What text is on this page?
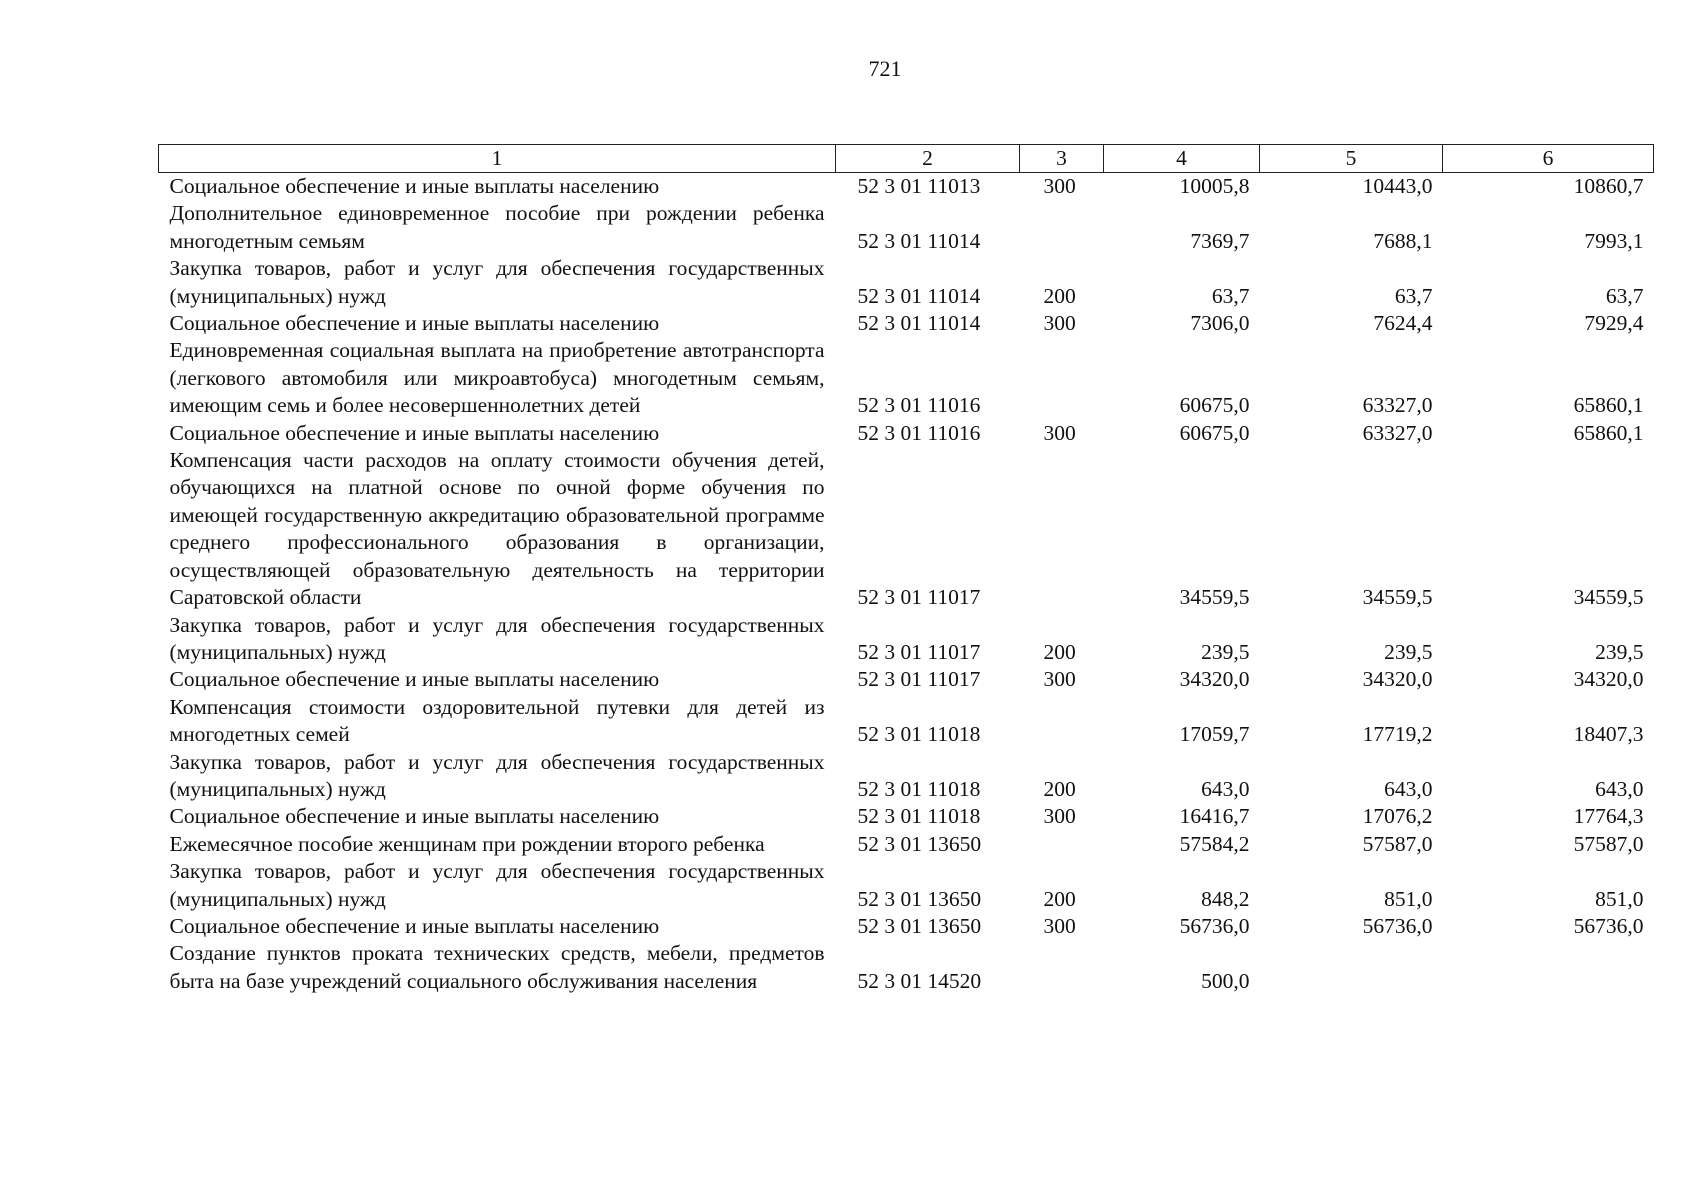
721
1	2	3	4	5	6
Социальное обеспечение и иные выплаты населению	52 3 01 11013	300	10005,8	10443,0	10860,7
Дополнительное единовременное пособие при рождении ребенка многодетным семьям	52 3 01 11014		7369,7	7688,1	7993,1
Закупка товаров, работ и услуг для обеспечения государственных (муниципальных) нужд	52 3 01 11014	200	63,7	63,7	63,7
Социальное обеспечение и иные выплаты населению	52 3 01 11014	300	7306,0	7624,4	7929,4
Единовременная социальная выплата на приобретение автотранспорта (легкового автомобиля или микроавтобуса) многодетным семьям, имеющим семь и более несовершеннолетних детей	52 3 01 11016		60675,0	63327,0	65860,1
Социальное обеспечение и иные выплаты населению	52 3 01 11016	300	60675,0	63327,0	65860,1
Компенсация части расходов на оплату стоимости обучения детей, обучающихся на платной основе по очной форме обучения по имеющей государственную аккредитацию образовательной программе среднего профессионального образования в организации, осуществляющей образовательную деятельность на территории Саратовской области	52 3 01 11017		34559,5	34559,5	34559,5
Закупка товаров, работ и услуг для обеспечения государственных (муниципальных) нужд	52 3 01 11017	200	239,5	239,5	239,5
Социальное обеспечение и иные выплаты населению	52 3 01 11017	300	34320,0	34320,0	34320,0
Компенсация стоимости оздоровительной путевки для детей из многодетных семей	52 3 01 11018		17059,7	17719,2	18407,3
Закупка товаров, работ и услуг для обеспечения государственных (муниципальных) нужд	52 3 01 11018	200	643,0	643,0	643,0
Социальное обеспечение и иные выплаты населению	52 3 01 11018	300	16416,7	17076,2	17764,3
Ежемесячное пособие женщинам при рождении второго ребенка	52 3 01 13650		57584,2	57587,0	57587,0
Закупка товаров, работ и услуг для обеспечения государственных (муниципальных) нужд	52 3 01 13650	200	848,2	851,0	851,0
Социальное обеспечение и иные выплаты населению	52 3 01 13650	300	56736,0	56736,0	56736,0
Создание пунктов проката технических средств, мебели, предметов быта на базе учреждений социального обслуживания населения	52 3 01 14520		500,0		
